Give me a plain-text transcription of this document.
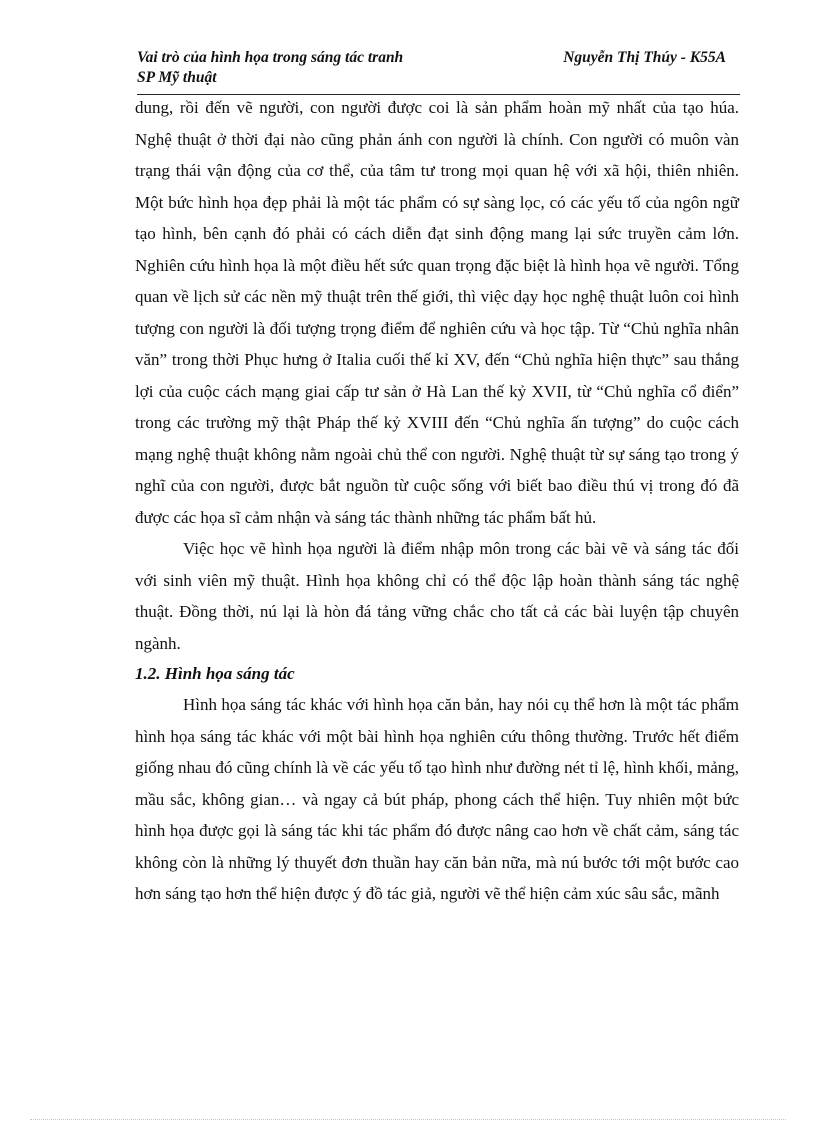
Vai trò của hình họa trong sáng tác tranh
SP Mỹ thuật
Nguyễn Thị Thúy - K55A

dung, rồi đến vẽ người, con người được coi là sản phẩm hoàn mỹ nhất của tạo húa. Nghệ thuật ở thời đại nào cũng phản ánh con người là chính. Con người có muôn vàn trạng thái vận động của cơ thể, của tâm tư trong mọi quan hệ với xã hội, thiên nhiên. Một bức hình họa đẹp phải là một tác phẩm có sự sàng lọc, có các yếu tố của ngôn ngữ tạo hình, bên cạnh đó phải có cách diễn đạt sinh động mang lại sức truyền cảm lớn. Nghiên cứu hình họa là một điều hết sức quan trọng đặc biệt là hình họa vẽ người. Tổng quan về lịch sử các nền mỹ thuật trên thế giới, thì việc dạy học nghệ thuật luôn coi hình tượng con người là đối tượng trọng điểm để nghiên cứu và học tập. Từ “Chủ nghĩa nhân văn” trong thời Phục hưng ở Italia cuối thế kỉ XV, đến “Chủ nghĩa hiện thực” sau thắng lợi của cuộc cách mạng giai cấp tư sản ở Hà Lan thế kỷ XVII, từ “Chủ nghĩa cổ điển” trong các trường mỹ thật Pháp thế kỷ XVIII đến “Chủ nghĩa ấn tượng” do cuộc cách mạng nghệ thuật không nằm ngoài chủ thể con người. Nghệ thuật từ sự sáng tạo trong ý nghĩ của con người, được bắt nguồn từ cuộc sống với biết bao điều thú vị trong đó đã được các họa sĩ cảm nhận và sáng tác thành những tác phẩm bất hủ.

Việc học vẽ hình họa người là điểm nhập môn trong các bài vẽ và sáng tác đối với sinh viên mỹ thuật. Hình họa không chỉ có thể độc lập hoàn thành sáng tác nghệ thuật. Đồng thời, nú lại là hòn đá tảng vững chắc cho tất cả các bài luyện tập chuyên ngành.

1.2. Hình họa sáng tác

Hình họa sáng tác khác với hình họa căn bản, hay nói cụ thể hơn là một tác phẩm hình họa sáng tác khác với một bài hình họa nghiên cứu thông thường. Trước hết điểm giống nhau đó cũng chính là về các yếu tố tạo hình như đường nét tỉ lệ, hình khối, mảng, mầu sắc, không gian… và ngay cả bút pháp, phong cách thể hiện. Tuy nhiên một bức hình họa được gọi là sáng tác khi tác phẩm đó được nâng cao hơn về chất cảm, sáng tác không còn là những lý thuyết đơn thuần hay căn bản nữa, mà nú bước tới một bước cao hơn sáng tạo hơn thể hiện được ý đồ tác giả, người vẽ thể hiện cảm xúc sâu sắc, mãnh
